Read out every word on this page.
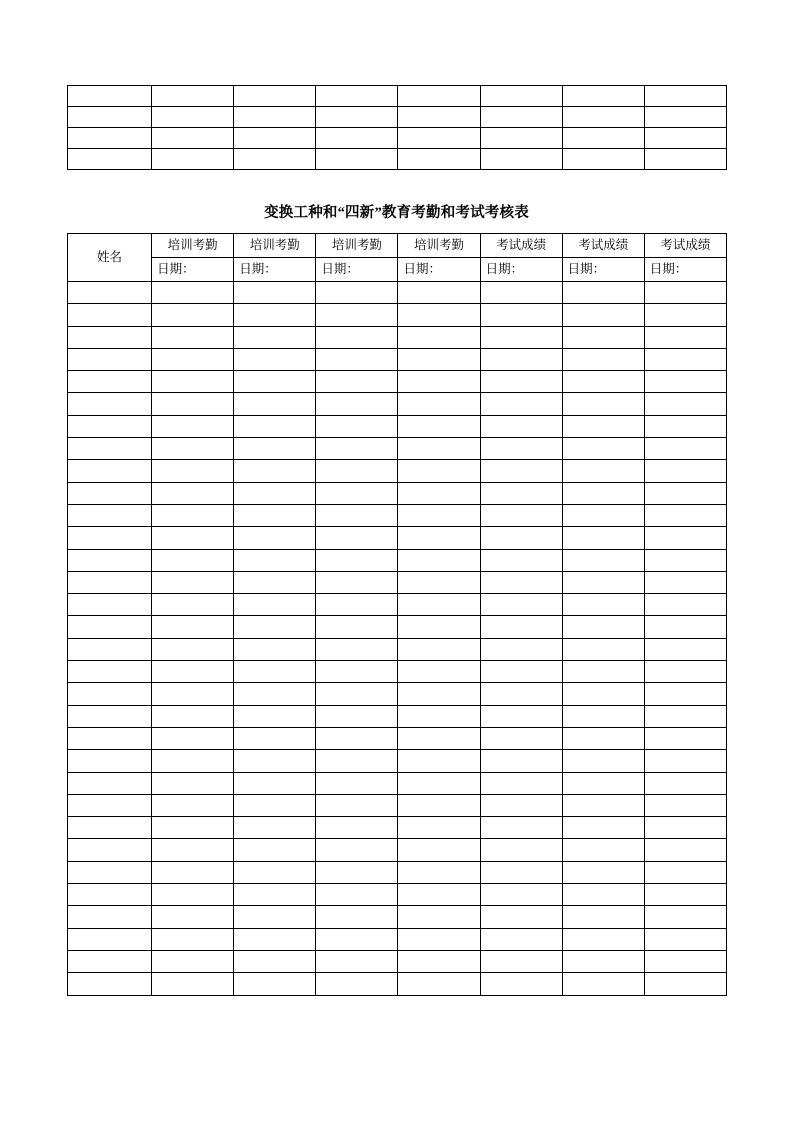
变换工种和“四新”教育考勤和考试考核表
姓名	培训考勤	培训考勤	培训考勤	培训考勤	考试成绩	考试成绩	考试成绩
	日期：	日期：	日期：	日期：	日期：	日期：	日期：
